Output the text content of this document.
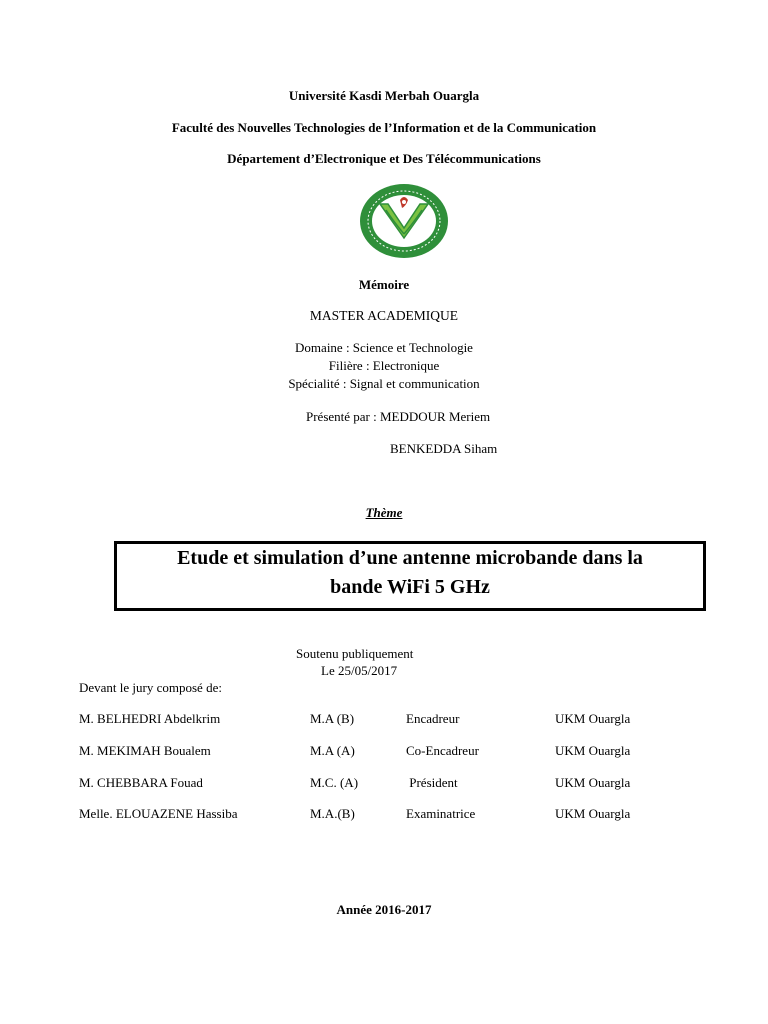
Université Kasdi Merbah Ouargla
Faculté des Nouvelles Technologies de l’Information et de la Communication
Département d’Electronique et Des Télécommunications
Mémoire
MASTER ACADEMIQUE
Domaine : Science et Technologie
Filière : Electronique
Spécialité : Signal et communication
Présenté par : MEDDOUR Meriem
BENKEDDA Siham
Thème
Etude et simulation d’une antenne microbande dans la
bande WiFi 5 GHz
Soutenu publiquement
Le 25/05/2017
Devant le jury composé de:
M. BELHEDRI Abdelkrim	M.A (B)	Encadreur	UKM Ouargla
M. MEKIMAH Boualem	M.A (A)	Co-Encadreur	UKM Ouargla
M. CHEBBARA Fouad	M.C. (A)	Président	UKM Ouargla
Melle. ELOUAZENE Hassiba	M.A.(B)	Examinatrice	UKM Ouargla
Année 2016-2017
